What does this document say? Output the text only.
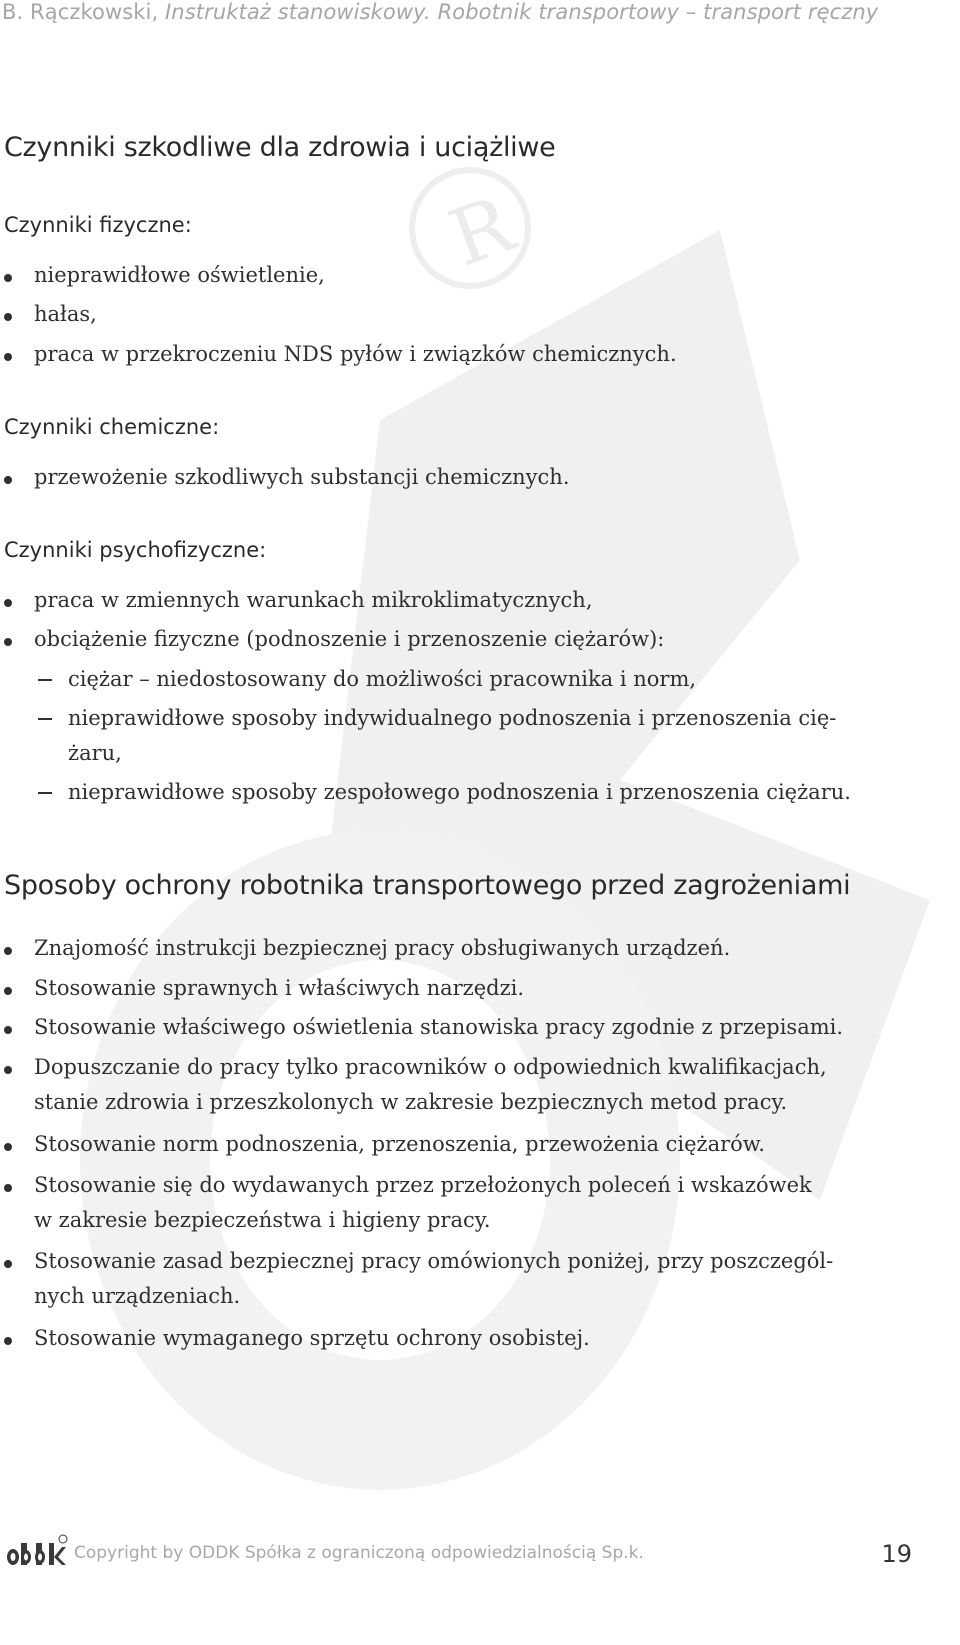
R
B. Rączkowski, Instruktaż stanowiskowy. Robotnik transportowy – transport ręczny
Czynniki szkodliwe dla zdrowia i uciążliwe
Czynniki fizyczne:
nieprawidłowe oświetlenie,
hałas,
praca w przekroczeniu NDS pyłów i związków chemicznych.
Czynniki chemiczne:
przewożenie szkodliwych substancji chemicznych.
Czynniki psychofizyczne:
praca w zmiennych warunkach mikroklimatycznych,
obciążenie fizyczne (podnoszenie i przenoszenie ciężarów):
ciężar – niedostosowany do możliwości pracownika i norm,
nieprawidłowe sposoby indywidualnego podnoszenia i przenoszenia cię-
żaru,
nieprawidłowe sposoby zespołowego podnoszenia i przenoszenia ciężaru.
Sposoby ochrony robotnika transportowego przed zagrożeniami
Znajomość instrukcji bezpiecznej pracy obsługiwanych urządzeń.
Stosowanie sprawnych i właściwych narzędzi.
Stosowanie właściwego oświetlenia stanowiska pracy zgodnie z przepisami.
Dopuszczanie do pracy tylko pracowników o odpowiednich kwalifikacjach,
stanie zdrowia i przeszkolonych w zakresie bezpiecznych metod pracy.
Stosowanie norm podnoszenia, przenoszenia, przewożenia ciężarów.
Stosowanie się do wydawanych przez przełożonych poleceń i wskazówek
w zakresie bezpieczeństwa i higieny pracy.
Stosowanie zasad bezpiecznej pracy omówionych poniżej, przy poszczegól-
nych urządzeniach.
Stosowanie wymaganego sprzętu ochrony osobistej.
Copyright by ODDK Spółka z ograniczoną odpowiedzialnością Sp.k.	19
